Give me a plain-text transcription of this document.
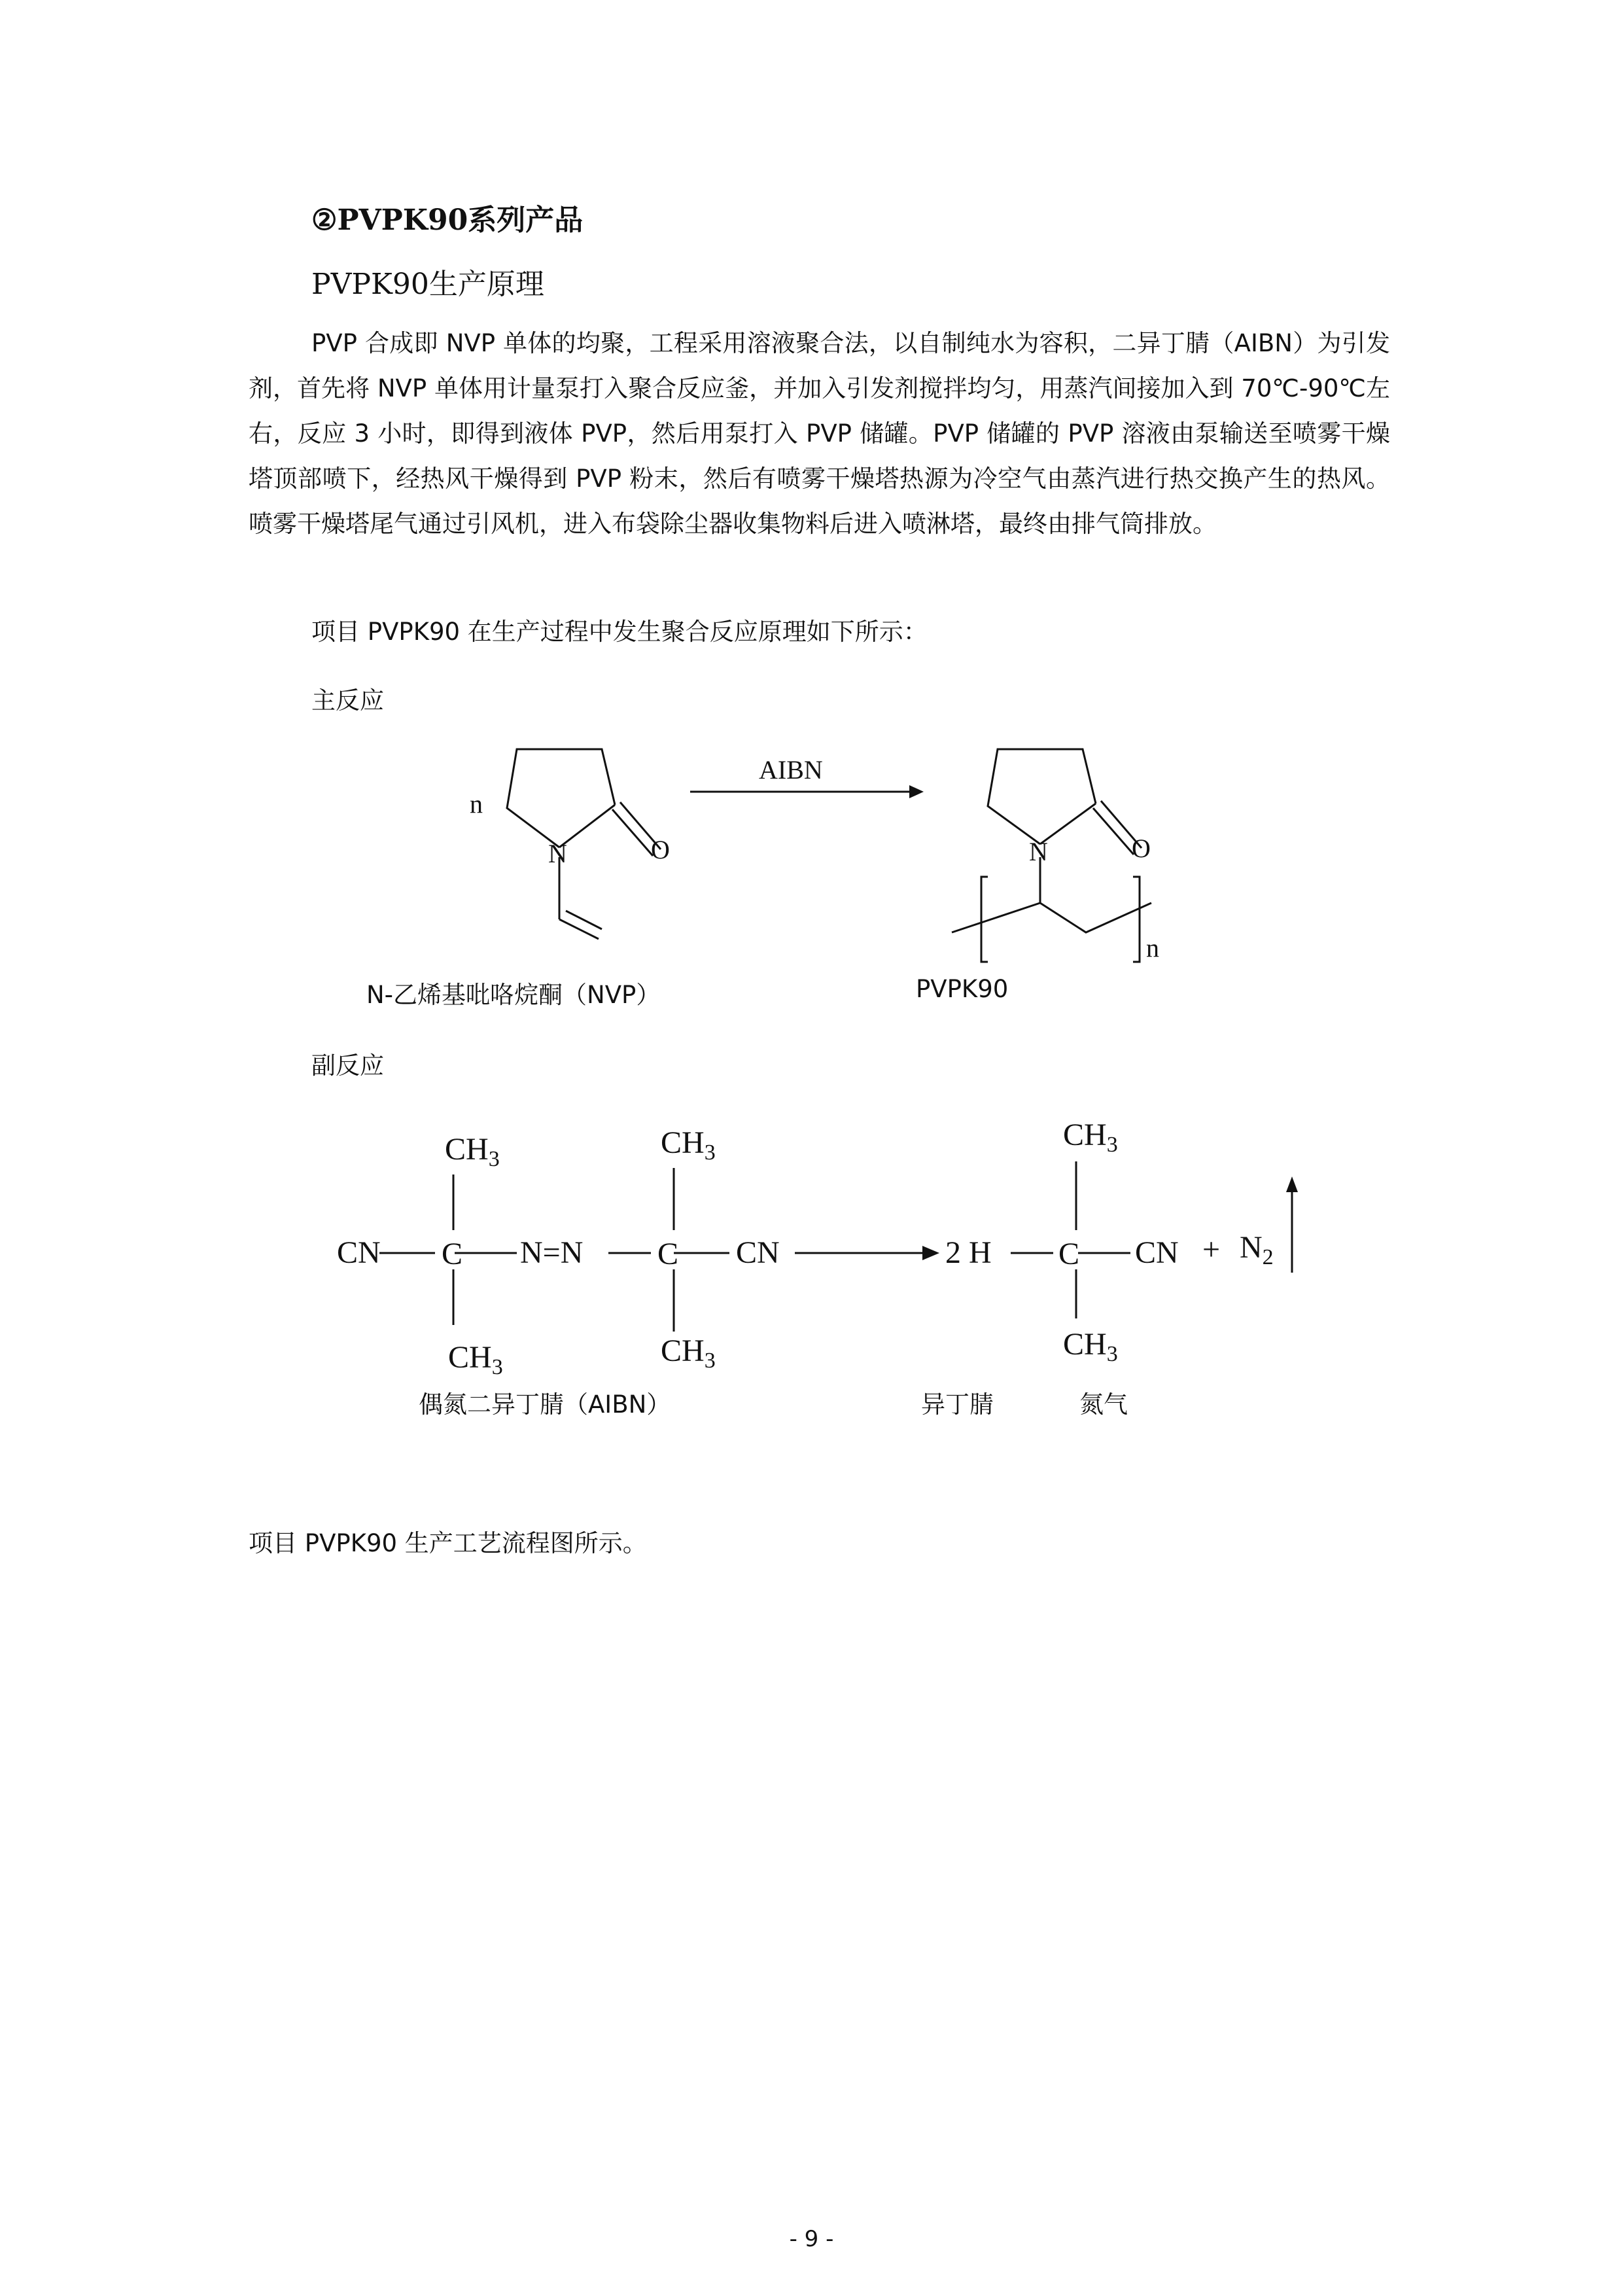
②PVPK90系列产品
PVPK90生产原理
PVP 合成即 NVP 单体的均聚，工程采用溶液聚合法，以自制纯水为容积，二异丁腈（AIBN）为引发剂，首先将 NVP 单体用计量泵打入聚合反应釜，并加入引发剂搅拌均匀，用蒸汽间接加入到 70℃-90℃左右，反应 3 小时，即得到液体 PVP，然后用泵打入 PVP 储罐。PVP 储罐的 PVP 溶液由泵输送至喷雾干燥塔顶部喷下，经热风干燥得到 PVP 粉末，然后有喷雾干燥塔热源为冷空气由蒸汽进行热交换产生的热风。喷雾干燥塔尾气通过引风机，进入布袋除尘器收集物料后进入喷淋塔，最终由排气筒排放。
项目 PVPK90 在生产过程中发生聚合反应原理如下所示：
主反应
n
AIBN
N	O	N	O
n
N-乙烯基吡咯烷酮（NVP）	PVPK90
副反应
$CH_3$
CN C N=N C CN
$CH_3$
$CH_3$	$CH_3$
2 H C CN
$CH_3$
$CH_3$
+ $N_2$
偶氮二异丁腈（AIBN）	异丁腈	氮气
项目 PVPK90 生产工艺流程图所示。
- 9 -
